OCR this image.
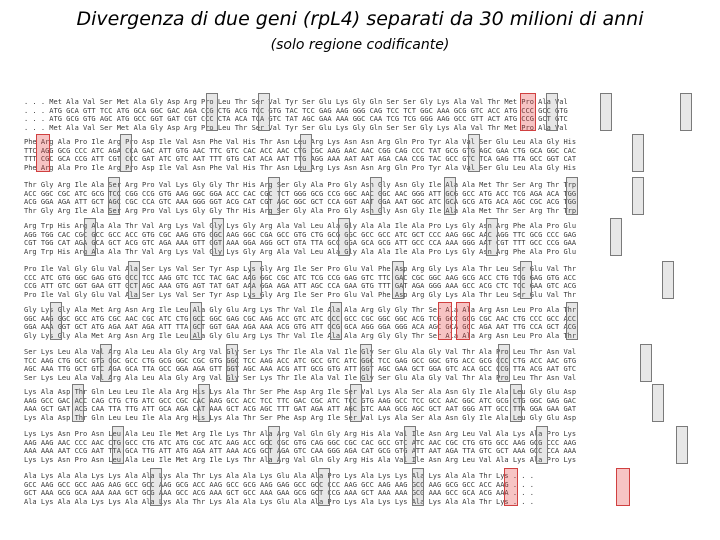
Divergenza di due geni (rpL4) separati da 30 milioni di anni
(solo regione codificante)
. . . Met Ala Val Ser Met Ala Gly Asp Arg Pro Leu Thr Ser Val Tyr Ser Glu Lys Gly Gln Ser Ser Gly Lys Ala Val Thr Met Pro Ala Val
. . . ATG GCA GTT TCC ATG GCA GGC GAC AGA CCG CTG ACG TCC GTG TAC TCC GAG AAG GGG CAG TCC TCT GGC AAA GCG GTC ACC ATG CCC GCC GTG
. . . ATG GCG GTG AGC ATG GCC GGT GAT CGT CCC CTA ACA TCA GTC TAT AGC GAA AAA GGC CAA TCG TCG GGG AAG GCC GTT ACT ATG CCG GCT GTC
. . . Met Ala Val Ser Met Ala Gly Asp Arg Pro Leu Thr Ser Val Tyr Ser Glu Lys Gly Gln Ser Ser Gly Lys Ala Val Thr Met Pro Ala Val
Phe Arg Ala Pro Ile Arg Pro Asp Ile Val Asn Phe Val His Thr Asn Leu Arg Lys Asn Asn Arg Gln Pro Tyr Ala Val Ser Glu Leu Ala Gly His
TTC AGG GCG CCC ATC AGA CCA GAC ATT GTG AAC TTC GTC CAC ACC AAC CTG CGC AAG AAC AAC CGG CAG CCC TAT GCG GTG AGC GAA CTG GCA GGC CAC
TTT CGC GCA CCG ATT CGT CCC GAT ATC GTC AAT TTT GTG CAT ACA AAT TTG AGG AAA AAT AAT AGA CAA CCG TAC GCC GTC TCA GAG TTA GCC GGT CAT
Phe Arg Ala Pro Ile Arg Pro Asp Ile Val Asn Phe Val His Thr Asn Leu Arg Lys Asn Asn Arg Gln Pro Tyr Ala Val Ser Glu Leu Ala Gly His
Thr Gly Arg Ile Ala Ser Arg Pro Val Lys Gly Gly Thr His Arg Ser Gly Ala Pro Gly Asn Gly Asn Gly Ile Ala Ala Met Thr Ser Arg Thr Trp
ACC GGC CGC ATC GCG TCC CGG CCG GTG AAG GGC GGA ACC CAC CGC TCT GGG GCG CCG GGC AAC GGC AAC GGG ATT GCG GCC ATG ACC TCG AGA ACA TGG
ACG GGA AGA ATT GCT AGC CGC CCA GTC AAA GGG GGT ACG CAT CGT AGC GGC GCT CCA GGT AAT GGA AAT GGC ATC GCA GCG ATG ACA AGC CGC ACG TGG
Thr Gly Arg Ile Ala Ser Arg Pro Val Lys Gly Gly Thr His Arg Ser Gly Ala Pro Gly Asn Gly Asn Gly Ile Ala Ala Met Thr Ser Arg Thr Trp
Arg Trp His Arg Ala Ala Thr Val Arg Lys Val Gly Lys Gly Arg Ala Val Leu Ala Gly Ala Ala Ile Ala Pro Lys Gly Asn Arg Phe Ala Pro Glu
AGG TGG CAC CGC GCC GCC ACC GTG CGC AAG GTG GGC AAG GGC CGA GCC GTG CTG GCG GGC GCC GCC ATC GCT CCC AAG GGC AAC AGG TTC GCG CCC GAG
CGT TGG CAT AGA GCA GCT ACG GTC AGA AAA GTT GGT AAA GGA AGG GCT GTA TTA GCC GGA GCA GCG ATT GCC CCA AAA GGG AAT CGT TTT GCC CCG GAA
Arg Trp His Arg Ala Ala Thr Val Arg Lys Val Gly Lys Gly Arg Ala Val Leu Ala Gly Ala Ala Ile Ala Pro Lys Gly Asn Arg Phe Ala Pro Glu
Pro Ile Val Gly Glu Val Ala Ser Lys Val Ser Tyr Asp Lys Gly Arg Ile Ser Pro Glu Val Phe Asp Arg Gly Lys Ala Thr Leu Ser Glu Val Thr
CCC ATC GTG GGC GAG GTG GCC TCC AAG GTC TCC TAC GAC AAG GGC CGC ATC TCG CCG GAG GTC TTC GAC CGC GGC AAG GCG ACC CTG TCG GAG GTG ACC
CCG ATT GTC GGT GAA GTT GCT AGC AAA GTG AGT TAT GAT AAA GGA AGA ATT AGC CCA GAA GTG TTT GAT AGA GGG AAA GCC ACG CTC TCC GAA GTC ACG
Pro Ile Val Gly Glu Val Ala Ser Lys Val Ser Tyr Asp Lys Gly Arg Ile Ser Pro Glu Val Phe Asp Arg Gly Lys Ala Thr Leu Ser Glu Val Thr
Gly Lys Gly Ala Met Arg Asn Arg Ile Leu Ala Gly Glu Arg Lys Thr Val Ile Ala Ala Arg Gly Gly Thr Ser Ala Ala Arg Asn Leu Pro Ala Thr
GGC AAG GGC GCC ATG CGC AAC CGC ATC CTG GCC GGC GAG CGC AAG ACC GTC ATC GCC GCC CGC GGC GGC ACG TCG GCC GCG CGC AAC CTG CCC GCC ACC
GGA AAA GGT GCT ATG AGA AAT AGA ATT TTA GCT GGT GAA AGA AAA ACG GTG ATT GCG GCA AGG GGA GGG ACA AGC GCA GCC AGA AAT TTG CCA GCT ACG
Gly Lys Gly Ala Met Arg Asn Arg Ile Leu Ala Gly Glu Arg Lys Thr Val Ile Ala Ala Arg Gly Gly Thr Ser Ala Ala Arg Asn Leu Pro Ala Thr
Ser Lys Leu Ala Val Arg Ala Leu Ala Gly Arg Val Gly Ser Lys Thr Ile Ala Val Ile Gly Ser Glu Ala Gly Val Thr Ala Pro Leu Thr Asn Val
TCC AAG CTG GCC GTG CGC GCC CTG GCG GGC CGC GTG GGC TCC AAG ACC ATC GCC GTC ATC GGC TCC GAG GCC GGC GTG ACC GCG CCC CTG ACC AAC GTG
AGC AAA TTG GCT GTC AGA GCA TTA GCC GGA AGA GTT GGT AGC AAA ACG ATT GCG GTG ATT GGT AGC GAA GCT GGA GTC ACA GCC CCG TTA ACG AAT GTC
Ser Lys Leu Ala Val Arg Ala Leu Ala Gly Arg Val Gly Ser Lys Thr Ile Ala Val Ile Gly Ser Glu Ala Gly Val Thr Ala Pro Leu Thr Asn Val
Lys Ala Asp Thr Gln Leu Leu Ile Ala Arg His Lys Ala Thr Ser Phe Asp Arg Ile Ser Val Lys Ala Ser Ala Asn Gly Ile Ala Leu Gly Glu Asp
AAG GCC GAC ACC CAG CTG CTG ATC GCC CGC CAC AAG GCC ACC TCC TTC GAC CGC ATC TCC GTG AAG GCC TCC GCC AAC GGC ATC GCG CTG GGC GAG GAC
AAA GCT GAT ACG CAA TTA TTG ATT GCA AGA CAT AAA GCT ACG AGC TTT GAT AGA ATT AGC GTC AAA GCG AGC GCT AAT GGG ATT GCC TTA GGA GAA GAT
Lys Ala Asp Thr Gln Leu Leu Ile Ala Arg His Lys Ala Thr Ser Phe Asp Arg Ile Ser Val Lys Ala Ser Ala Asn Gly Ile Ala Leu Gly Glu Asp
Lys Lys Asn Pro Asn Leu Ala Leu Ile Met Arg Ile Lys Thr Ala Arg Val Gln Gly Arg His Ala Val Ile Asn Arg Leu Val Ala Lys Ala Pro Lys
AAG AAG AAC CCC AAC CTG GCC CTG ATC ATG CGC ATC AAG ACC GCC CGC GTG CAG GGC CGC CAC GCC GTC ATC AAC CGC CTG GTG GCC AAG GCG CCC AAG
AAA AAA AAT CCG AAT TTA GCA TTG ATT ATG AGA ATT AAA ACG GCT AGA GTC CAA GGG AGA CAT GCG GTG ATT AAT AGA TTA GTC GCT AAA GCC CCA AAA
Lys Lys Asn Pro Asn Leu Ala Leu Ile Met Arg Ile Lys Thr Ala Arg Val Gln Gly Arg His Ala Val Ile Asn Arg Leu Val Ala Lys Ala Pro Lys
Ala Lys Ala Ala Lys Lys Ala Ala Lys Ala Thr Lys Ala Ala Lys Glu Ala Ala Pro Lys Ala Lys Lys Ala Lys Ala Ala Thr Lys . . .
GCC AAG GCC GCC AAG AAG GCC GCC AAG GCG ACC AAG GCC GCG AAG GAG GCC GCC CCC AAG GCC AAG AAG GCC AAG GCG GCC ACC AAG . . .
GCT AAA GCG GCA AAA AAA GCT GCG AAA GCC ACG AAA GCT GCC AAA GAA GCG GCT CCG AAA GCT AAA AAA GCG AAA GCC GCA ACG AAA . . .
Ala Lys Ala Ala Lys Lys Ala Ala Lys Ala Thr Lys Ala Ala Lys Glu Ala Ala Pro Lys Ala Lys Lys Ala Lys Ala Ala Thr Lys . . .
